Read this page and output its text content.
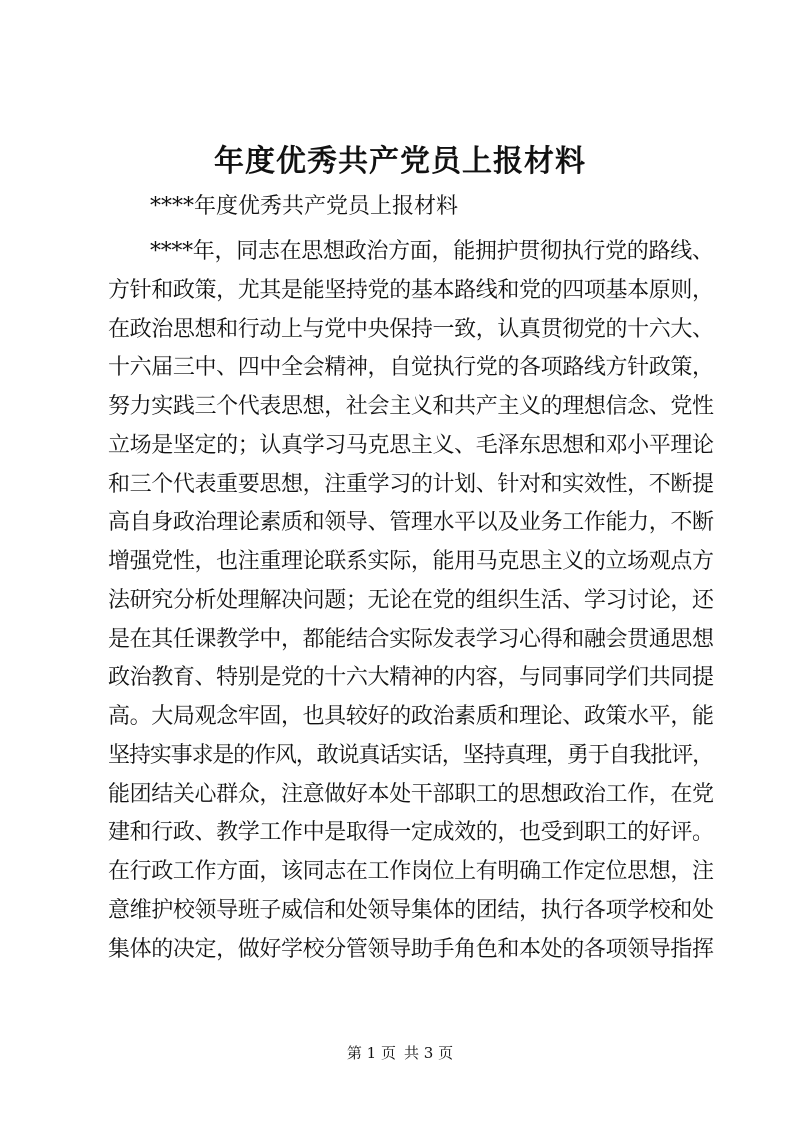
年度优秀共产党员上报材料

****年度优秀共产党员上报材料

****年，同志在思想政治方面，能拥护贯彻执行党的路线、
方针和政策，尤其是能坚持党的基本路线和党的四项基本原则，
在政治思想和行动上与党中央保持一致，认真贯彻党的十六大、
十六届三中、四中全会精神，自觉执行党的各项路线方针政策，
努力实践三个代表思想，社会主义和共产主义的理想信念、党性
立场是坚定的；认真学习马克思主义、毛泽东思想和邓小平理论
和三个代表重要思想，注重学习的计划、针对和实效性，不断提
高自身政治理论素质和领导、管理水平以及业务工作能力，不断
增强党性，也注重理论联系实际，能用马克思主义的立场观点方
法研究分析处理解决问题；无论在党的组织生活、学习讨论，还
是在其任课教学中，都能结合实际发表学习心得和融会贯通思想
政治教育、特别是党的十六大精神的内容，与同事同学们共同提
高。大局观念牢固，也具较好的政治素质和理论、政策水平，能
坚持实事求是的作风，敢说真话实话，坚持真理，勇于自我批评，
能团结关心群众，注意做好本处干部职工的思想政治工作，在党
建和行政、教学工作中是取得一定成效的，也受到职工的好评。
在行政工作方面，该同志在工作岗位上有明确工作定位思想，注
意维护校领导班子威信和处领导集体的团结，执行各项学校和处
集体的决定，做好学校分管领导助手角色和本处的各项领导指挥
第 1 页 共 3 页
